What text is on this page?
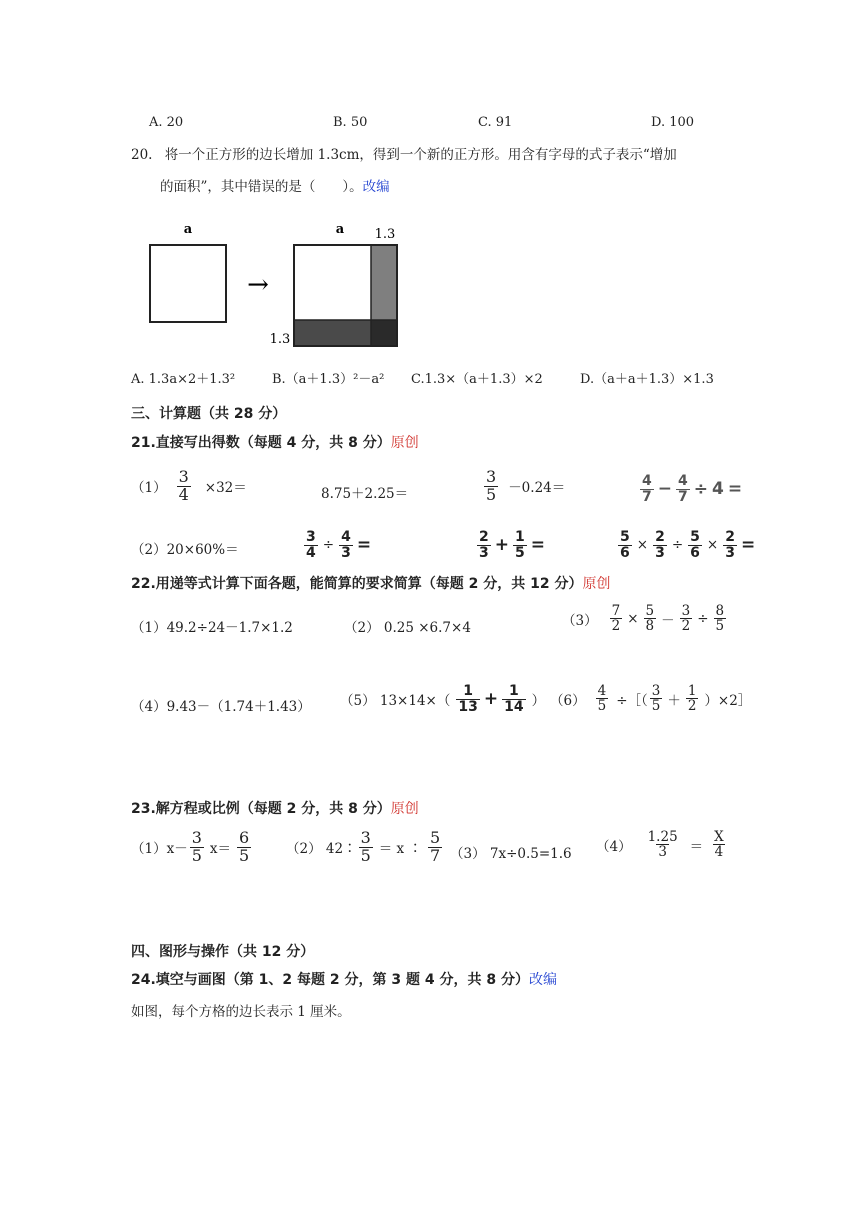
A. 20	B. 50	C. 91	D. 100
20. 将一个正方形的边长增加 1.3cm，得到一个新的正方形。用含有字母的式子表示“增加
的面积”，其中错误的是（　　）。改编
a
→
a 1.3
1.3
A. 1.3a×2＋1.3²	B.（a＋1.3）²－a² C.1.3×（a＋1.3）×2	D.（a＋a＋1.3）×1.3
三、计算题（共 28 分）
21.直接写出得数（每题 4 分，共 8 分）原创
$(1) \frac{3}{4} \times 32=$	8.75＋2.25＝	$\frac{3}{5} -0.24=$	$\frac{4}{7} - \frac{4}{7} \div 4$ =
（2）20×60%＝	$\frac{3}{4} \div \frac{4}{3}$ =	$\frac{2}{3} + \frac{1}{5}$ =	$\frac{5}{6} \times \frac{2}{3} \div \frac{5}{6} \times \frac{2}{3}$ =
22.用递等式计算下面各题，能简算的要求简算（每题 2 分，共 12 分）原创
（1）49.2÷24－1.7×1.2	（2） 0.25 ×6.7×4	$(3) \frac{7}{2} \times \frac{5}{8} - \frac{3}{2} \div \frac{8}{5}$
（4）9.43－（1.74＋1.43） （5） $13\times 14\times( \frac{1}{13} + \frac{1}{14}$ ） $(6) \frac{4}{5}$ ÷［（ $\frac{3}{5} + \frac{1}{2}$ ）×2］
23.解方程或比例（每题 2 分，共 8 分）原创
$(1)x- \frac{3}{5} x= \frac{6}{5}$	（2） 42∶ $\frac{3}{5} = x$ ∶ $\frac{5}{7} (3)$ 7x÷0.5=1.6 $(4) \frac{1.25}{3} = \frac{X}{4}$
四、图形与操作（共 12 分）
24.填空与画图（第 1、2 每题 2 分，第 3 题 4 分，共 8 分）改编
如图，每个方格的边长表示 1 厘米。
